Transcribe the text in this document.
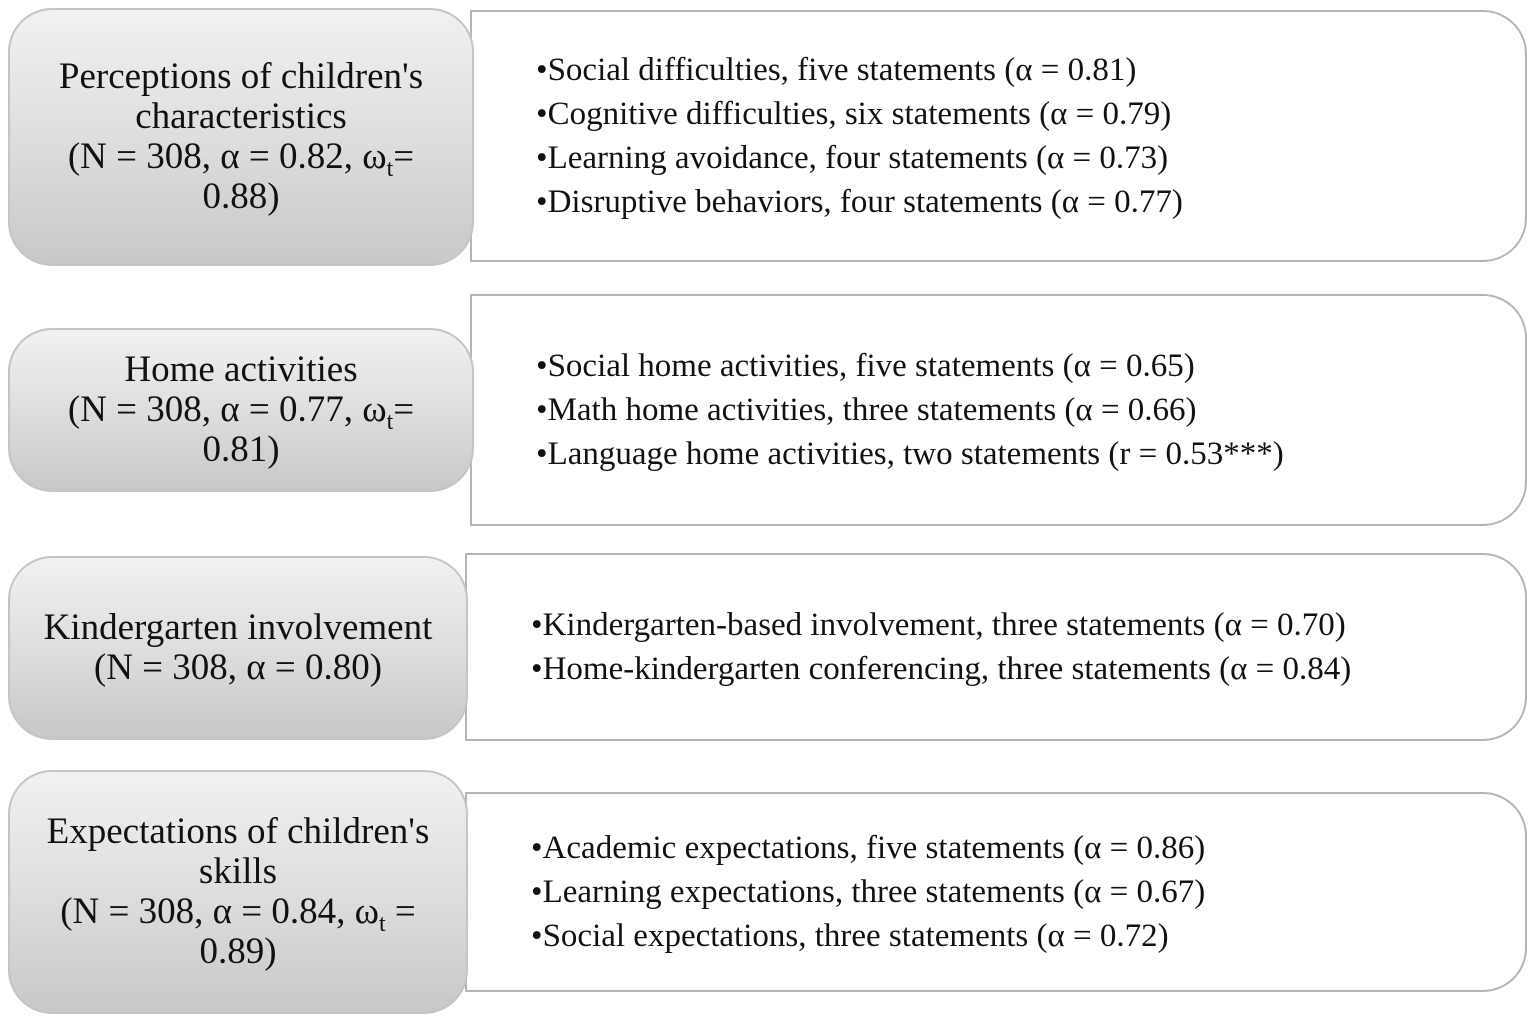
Perceptions of children's
characteristics
(N = 308, α = 0.82, $\omega_t=$
0.88)
• Social difficulties, five statements (α = 0.81)
• Cognitive difficulties, six statements (α = 0.79)
• Learning avoidance, four statements (α = 0.73)
• Disruptive behaviors, four statements (α = 0.77)
Home activities
(N = 308, α = 0.77, $\omega_t=$
0.81)
• Social home activities, five statements (α = 0.65)
• Math home activities, three statements (α = 0.66)
• Language home activities, two statements (r = 0.53***)
Kindergarten involvement
(N = 308, α = 0.80)
• Kindergarten-based involvement, three statements (α = 0.70)
• Home-kindergarten conferencing, three statements (α = 0.84)
Expectations of children's
skills
(N = 308, α = 0.84, $\omega_t$ =
0.89)
• Academic expectations, five statements (α = 0.86)
• Learning expectations, three statements (α = 0.67)
• Social expectations, three statements (α = 0.72)
